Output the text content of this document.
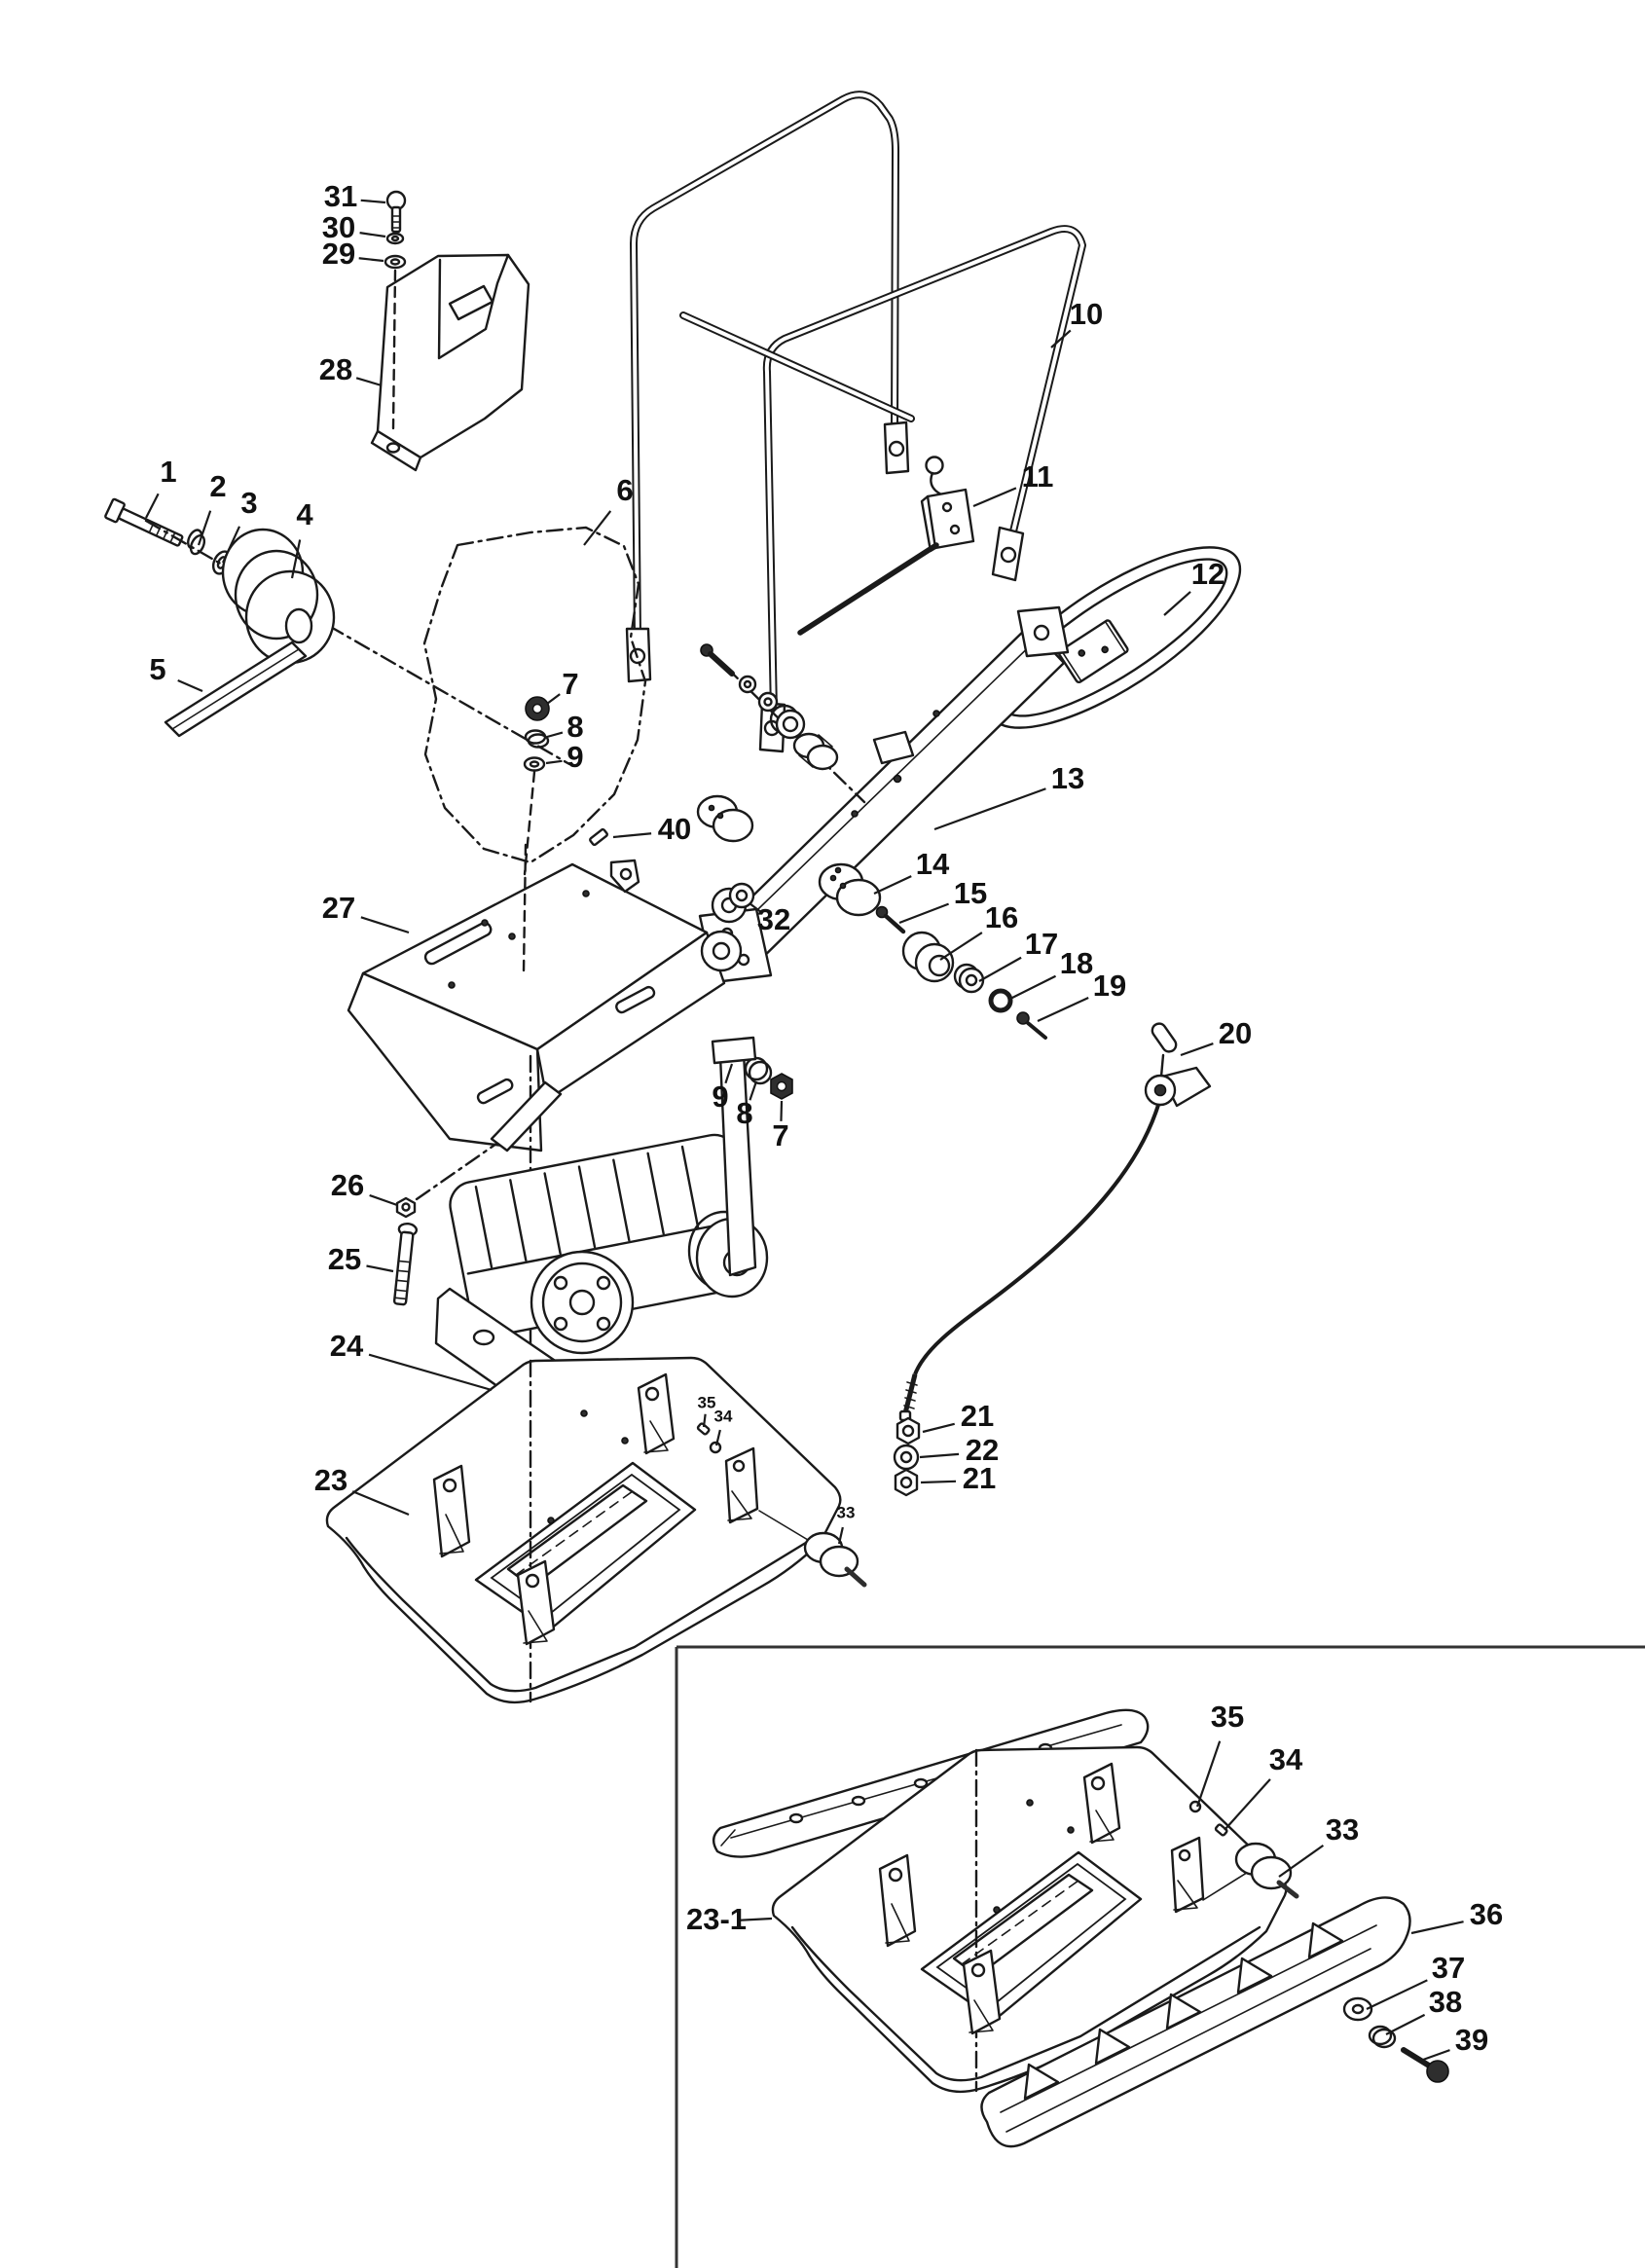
1 2 3 4
5
6
7
8
9
10
11
12
13
14
15
16
17
18
19
20
21
22
21
23
24
25
26
27
28
29
30
31
32
40
7
8
9
35
34
33
23-1
35
34
33
36
37
38
39
